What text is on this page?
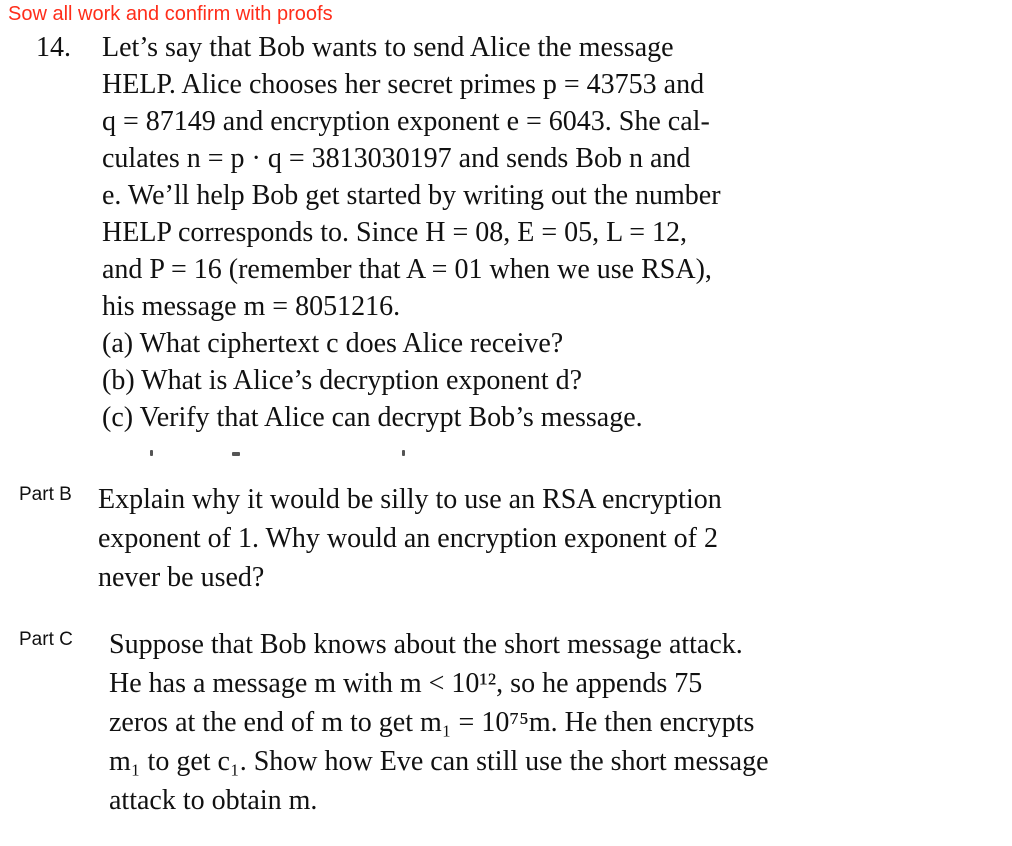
Sow all work and confirm with proofs
14. Let’s say that Bob wants to send Alice the message
HELP. Alice chooses her secret primes p = 43753 and
q = 87149 and encryption exponent e = 6043. She cal-
culates n = p · q = 3813030197 and sends Bob n and
e. We’ll help Bob get started by writing out the number
HELP corresponds to. Since H = 08, E = 05, L = 12,
and P = 16 (remember that A = 01 when we use RSA),
his message m = 8051216.
(a) What ciphertext c does Alice receive?
(b) What is Alice’s decryption exponent d?
(c) Verify that Alice can decrypt Bob’s message.
Part B Explain why it would be silly to use an RSA encryption
exponent of 1. Why would an encryption exponent of 2
never be used?
Part C Suppose that Bob knows about the short message attack.
He has a message m with m < 10¹², so he appends 75
zeros at the end of m to get m₁ = 10⁷⁵m. He then encrypts
m₁ to get c₁. Show how Eve can still use the short message
attack to obtain m.
